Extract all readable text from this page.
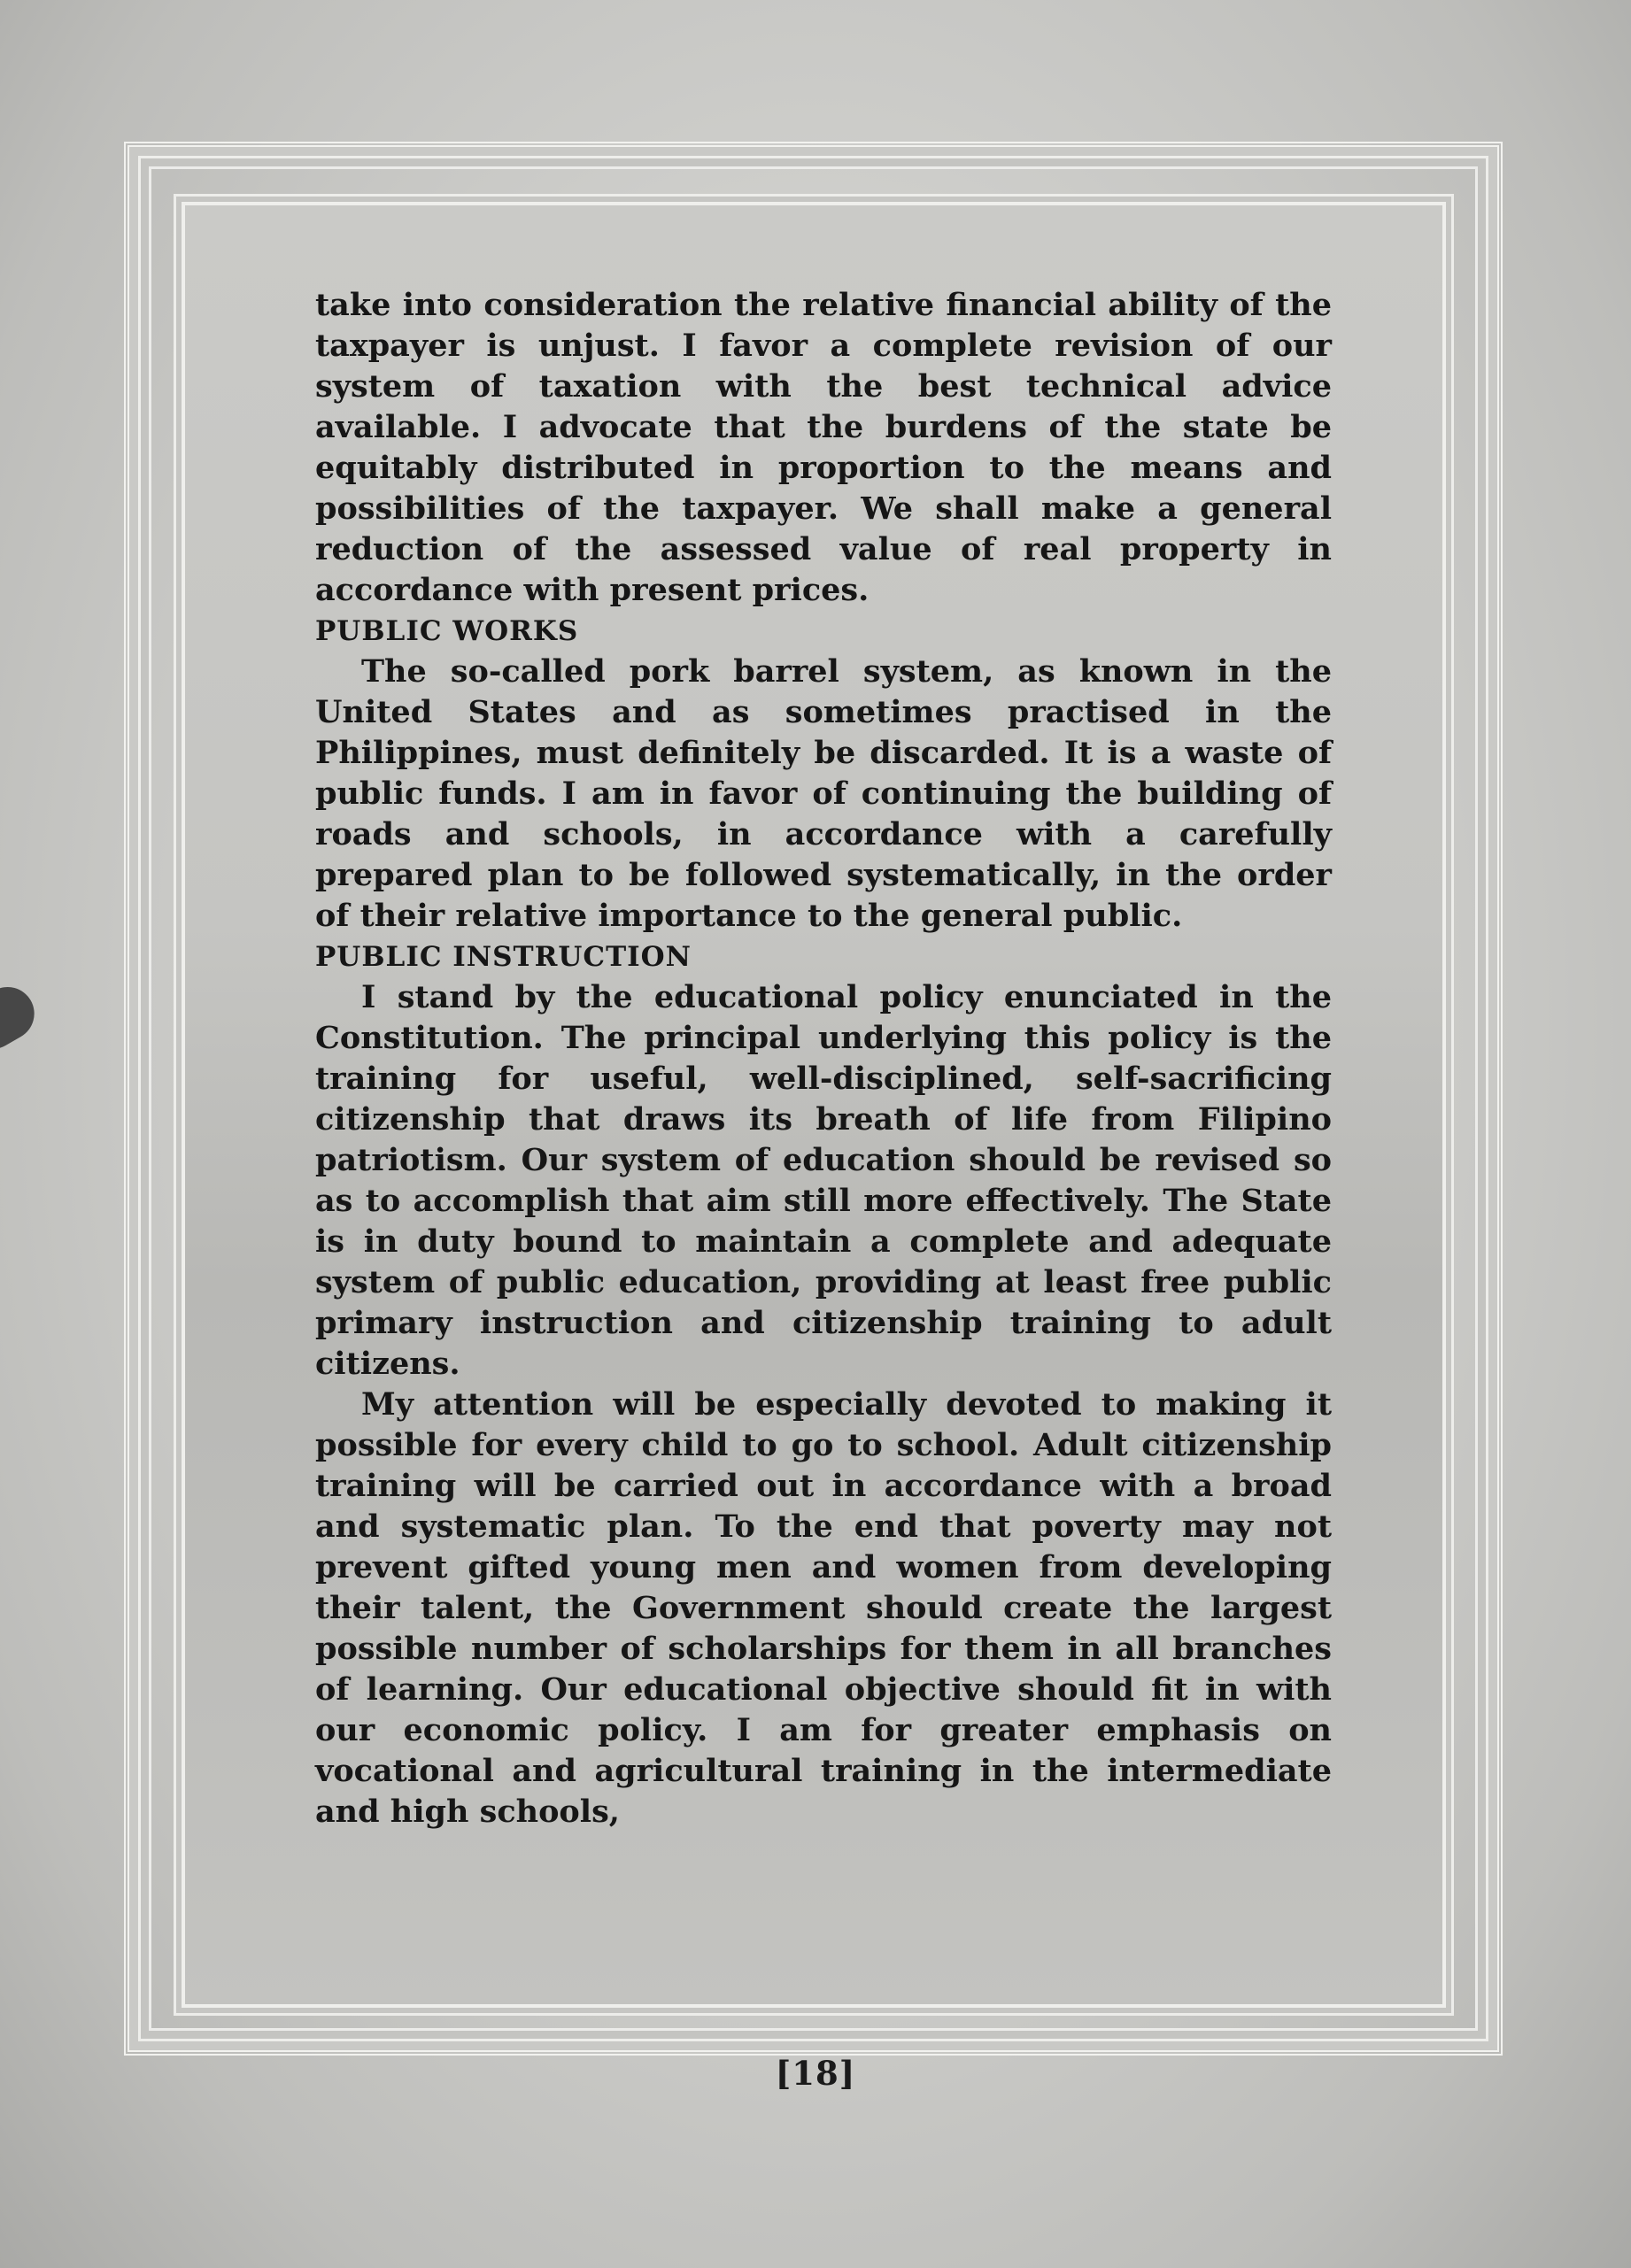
take into consideration the relative financial ability of the taxpayer is unjust. I favor a complete revision of our system of taxation with the best technical advice available. I advocate that the burdens of the state be equitably distributed in proportion to the means and possibilities of the taxpayer. We shall make a general reduction of the assessed value of real property in accordance with present prices.

PUBLIC WORKS

The so-called pork barrel system, as known in the United States and as sometimes practised in the Philippines, must definitely be discarded. It is a waste of public funds. I am in favor of continuing the building of roads and schools, in accordance with a carefully prepared plan to be followed systematically, in the order of their relative importance to the general public.

PUBLIC INSTRUCTION

I stand by the educational policy enunciated in the Constitution. The principal underlying this policy is the training for useful, well-disciplined, self-sacrificing citizenship that draws its breath of life from Filipino patriotism. Our system of education should be revised so as to accomplish that aim still more effectively. The State is in duty bound to maintain a complete and adequate system of public education, providing at least free public primary instruction and citizenship training to adult citizens.

My attention will be especially devoted to making it possible for every child to go to school. Adult citizenship training will be carried out in accordance with a broad and systematic plan. To the end that poverty may not prevent gifted young men and women from developing their talent, the Government should create the largest possible number of scholarships for them in all branches of learning. Our educational objective should fit in with our economic policy. I am for greater emphasis on vocational and agricultural training in the intermediate and high schools,

[18]
